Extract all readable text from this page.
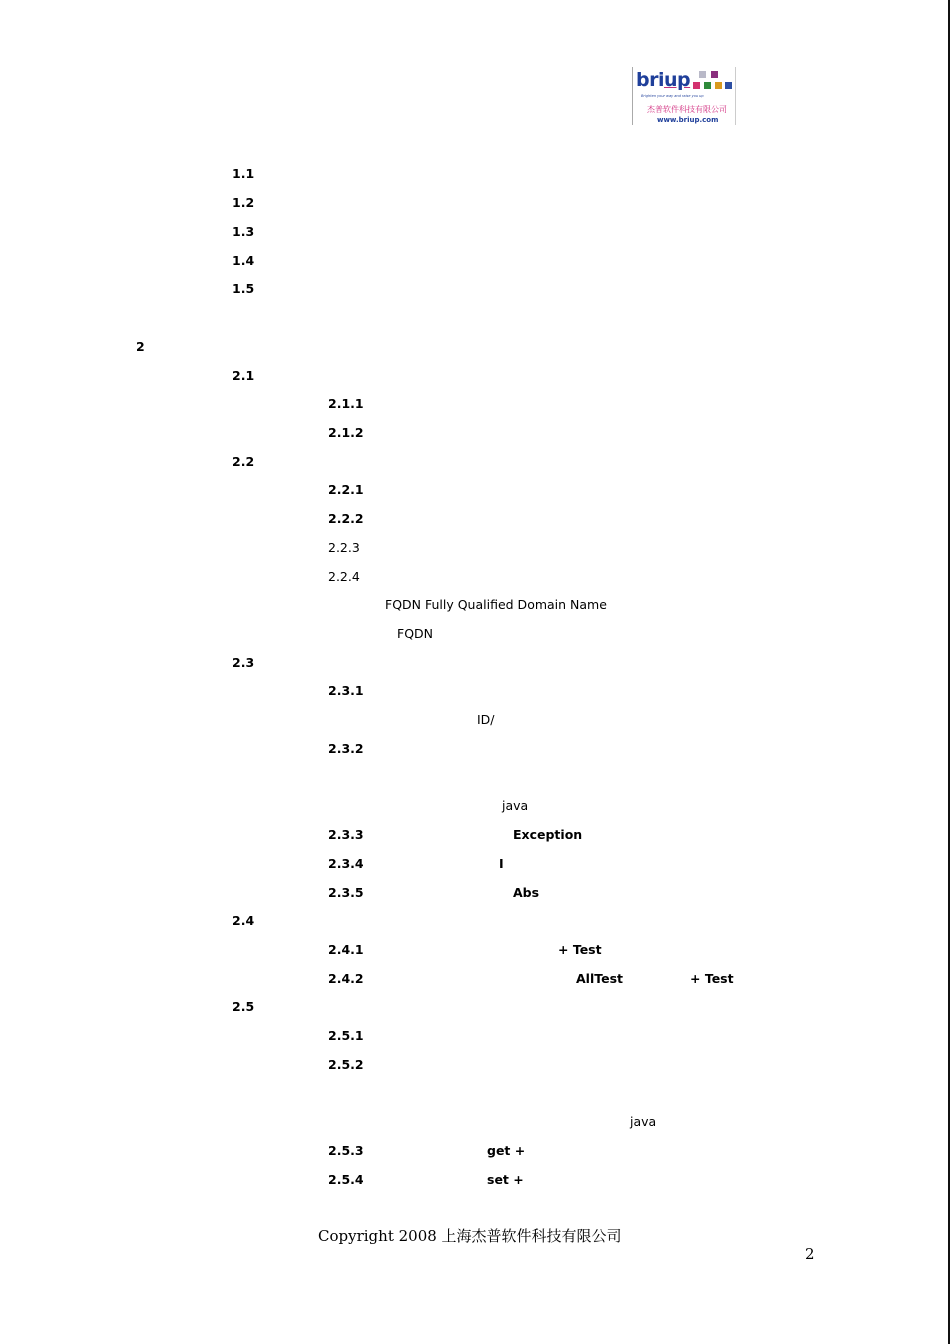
briup
Brighten your way and raise you up
杰普软件科技有限公司
www.briup.com
1.1
1.2
1.3
1.4
1.5
2
2.1
2.1.1
2.1.2
2.2
2.2.1
2.2.2
2.2.3
2.2.4
FQDN Fully Qualified Domain Name
FQDN
2.3
2.3.1
ID/
2.3.2
java
2.3.3	Exception
2.3.4	I
2.3.5	Abs
2.4
2.4.1	+ Test
2.4.2	AllTest	+ Test
2.5
2.5.1
2.5.2
java
2.5.3	get +
2.5.4	set +
Copyright 2008 上海杰普软件科技有限公司
2
